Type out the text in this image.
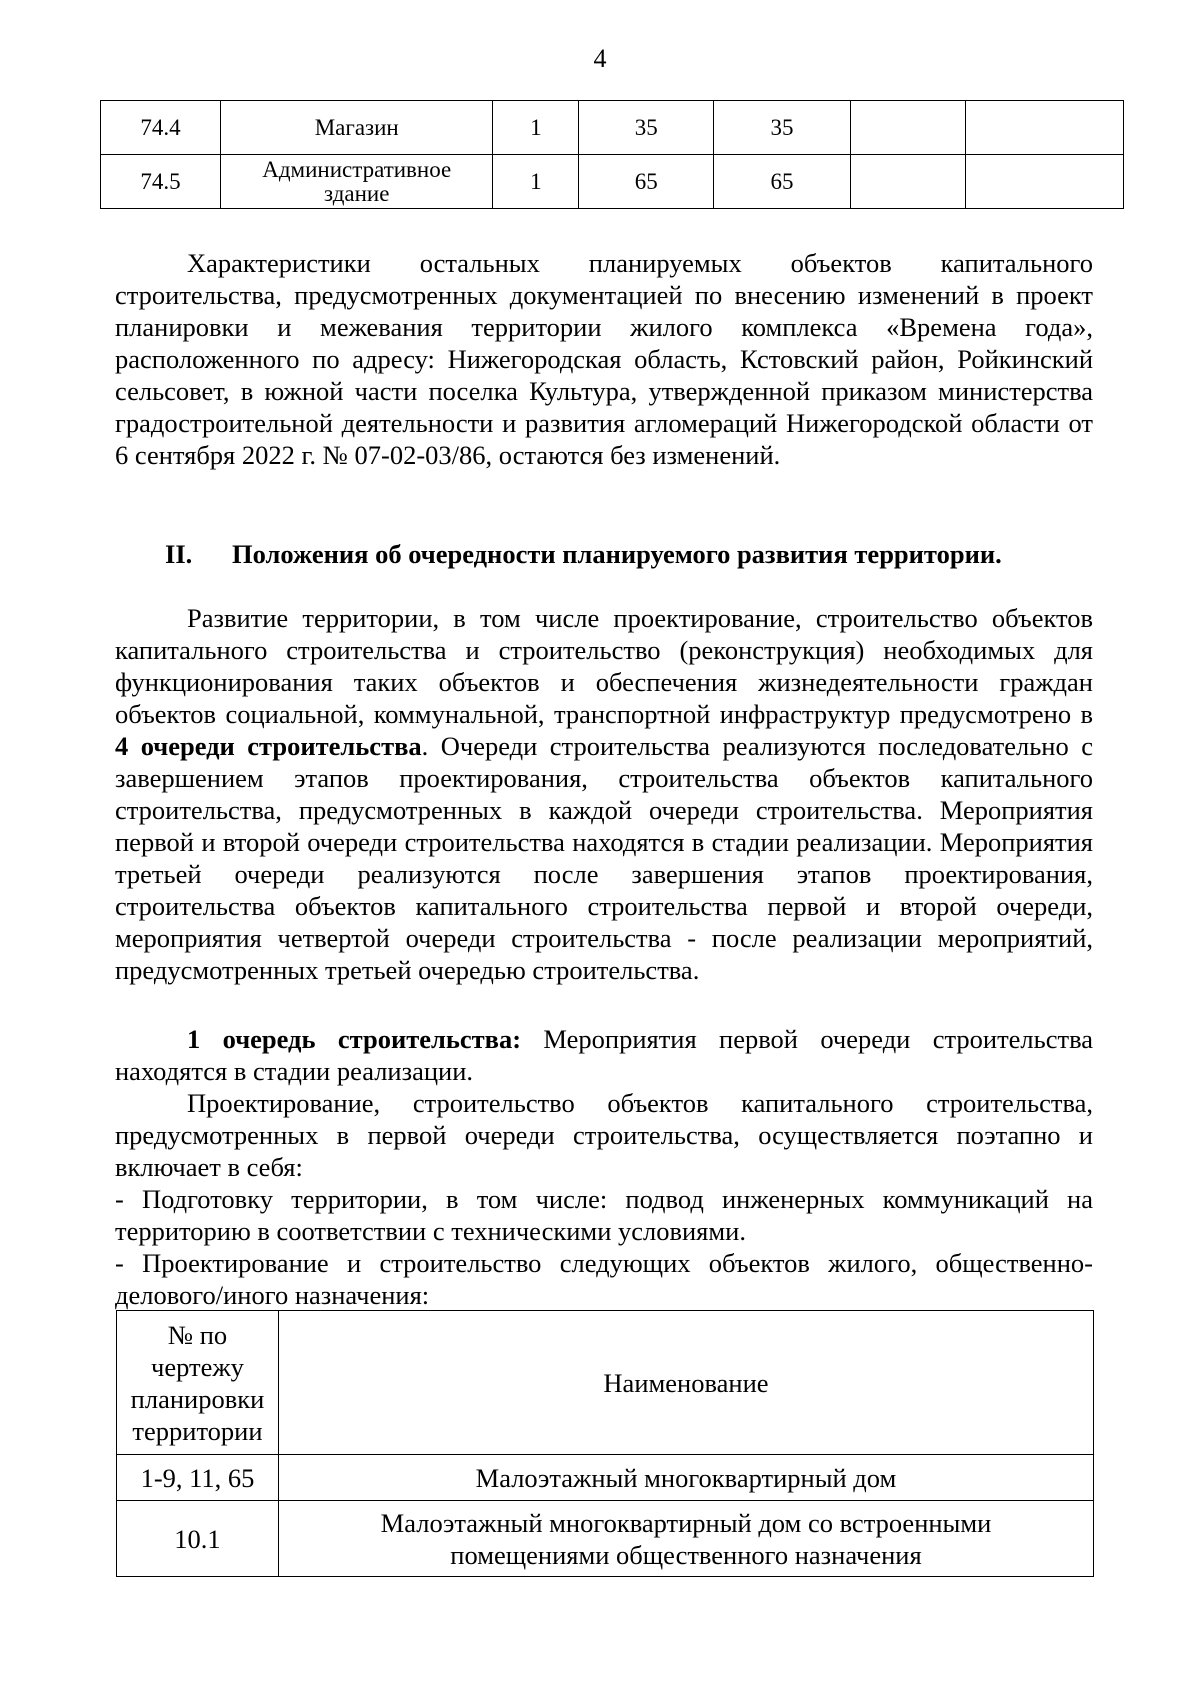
4
74.4	Магазин	1	35	35		
74.5	Административное здание	1	65	65		

Характеристики остальных планируемых объектов капитального строительства, предусмотренных документацией по внесению изменений в проект планировки и межевания территории жилого комплекса «Времена года», расположенного по адресу: Нижегородская область, Кстовский район, Ройкинский сельсовет, в южной части поселка Культура, утвержденной приказом министерства градостроительной деятельности и развития агломераций Нижегородской области от 6 сентября 2022 г. № 07-02-03/86, остаются без изменений.

II. Положения об очередности планируемого развития территории.

Развитие территории, в том числе проектирование, строительство объектов капитального строительства и строительство (реконструкция) необходимых для функционирования таких объектов и обеспечения жизнедеятельности граждан объектов социальной, коммунальной, транспортной инфраструктур предусмотрено в 4 очереди строительства. Очереди строительства реализуются последовательно с завершением этапов проектирования, строительства объектов капитального строительства, предусмотренных в каждой очереди строительства. Мероприятия первой и второй очереди строительства находятся в стадии реализации. Мероприятия третьей очереди реализуются после завершения этапов проектирования, строительства объектов капитального строительства первой и второй очереди, мероприятия четвертой очереди строительства - после реализации мероприятий, предусмотренных третьей очередью строительства.

1 очередь строительства: Мероприятия первой очереди строительства находятся в стадии реализации.

Проектирование, строительство объектов капитального строительства, предусмотренных в первой очереди строительства, осуществляется поэтапно и включает в себя:

- Подготовку территории, в том числе: подвод инженерных коммуникаций на территорию в соответствии с техническими условиями.

- Проектирование и строительство следующих объектов жилого, общественно-делового/иного назначения:

№ по чертежу планировки территории	Наименование
1-9, 11, 65	Малоэтажный многоквартирный дом
10.1	Малоэтажный многоквартирный дом со встроенными помещениями общественного назначения
